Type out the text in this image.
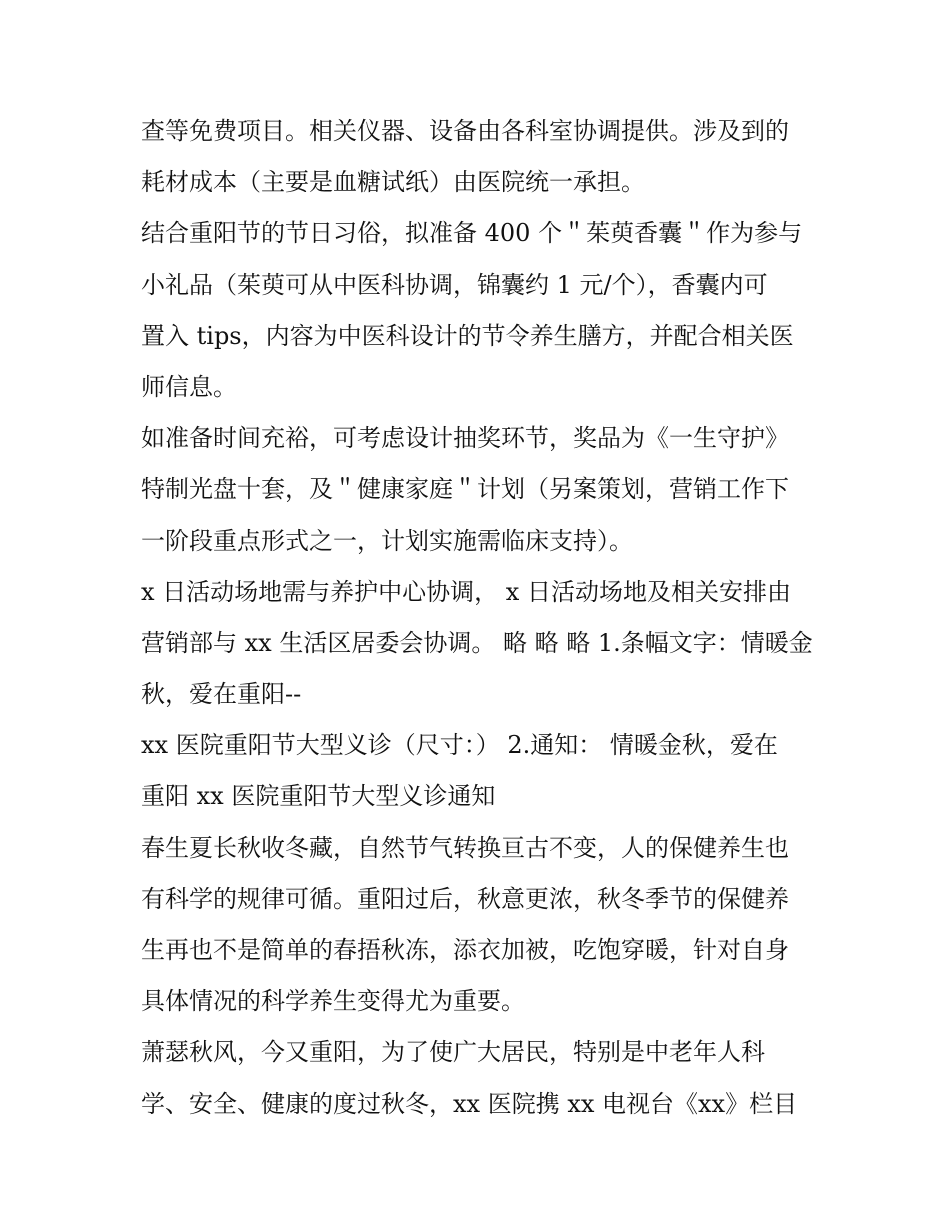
查等免费项目。相关仪器、设备由各科室协调提供。涉及到的
耗材成本（主要是血糖试纸）由医院统一承担。
结合重阳节的节日习俗，拟准备 400 个＂茱萸香囊＂作为参与
小礼品（茱萸可从中医科协调，锦囊约 1 元/个），香囊内可
置入 tips，内容为中医科设计的节令养生膳方，并配合相关医
师信息。
如准备时间充裕，可考虑设计抽奖环节，奖品为《一生守护》
特制光盘十套，及＂健康家庭＂计划（另案策划，营销工作下
一阶段重点形式之一，计划实施需临床支持）。
x 日活动场地需与养护中心协调， x 日活动场地及相关安排由
营销部与 xx 生活区居委会协调。 略 略 略 1.条幅文字：情暖金
秋，爱在重阳--
xx 医院重阳节大型义诊（尺寸：） 2.通知： 情暖金秋，爱在
重阳 xx 医院重阳节大型义诊通知
春生夏长秋收冬藏，自然节气转换亘古不变，人的保健养生也
有科学的规律可循。重阳过后，秋意更浓，秋冬季节的保健养
生再也不是简单的春捂秋冻，添衣加被，吃饱穿暖，针对自身
具体情况的科学养生变得尤为重要。
萧瑟秋风，今又重阳，为了使广大居民，特别是中老年人科
学、安全、健康的度过秋冬，xx 医院携 xx 电视台《xx》栏目
